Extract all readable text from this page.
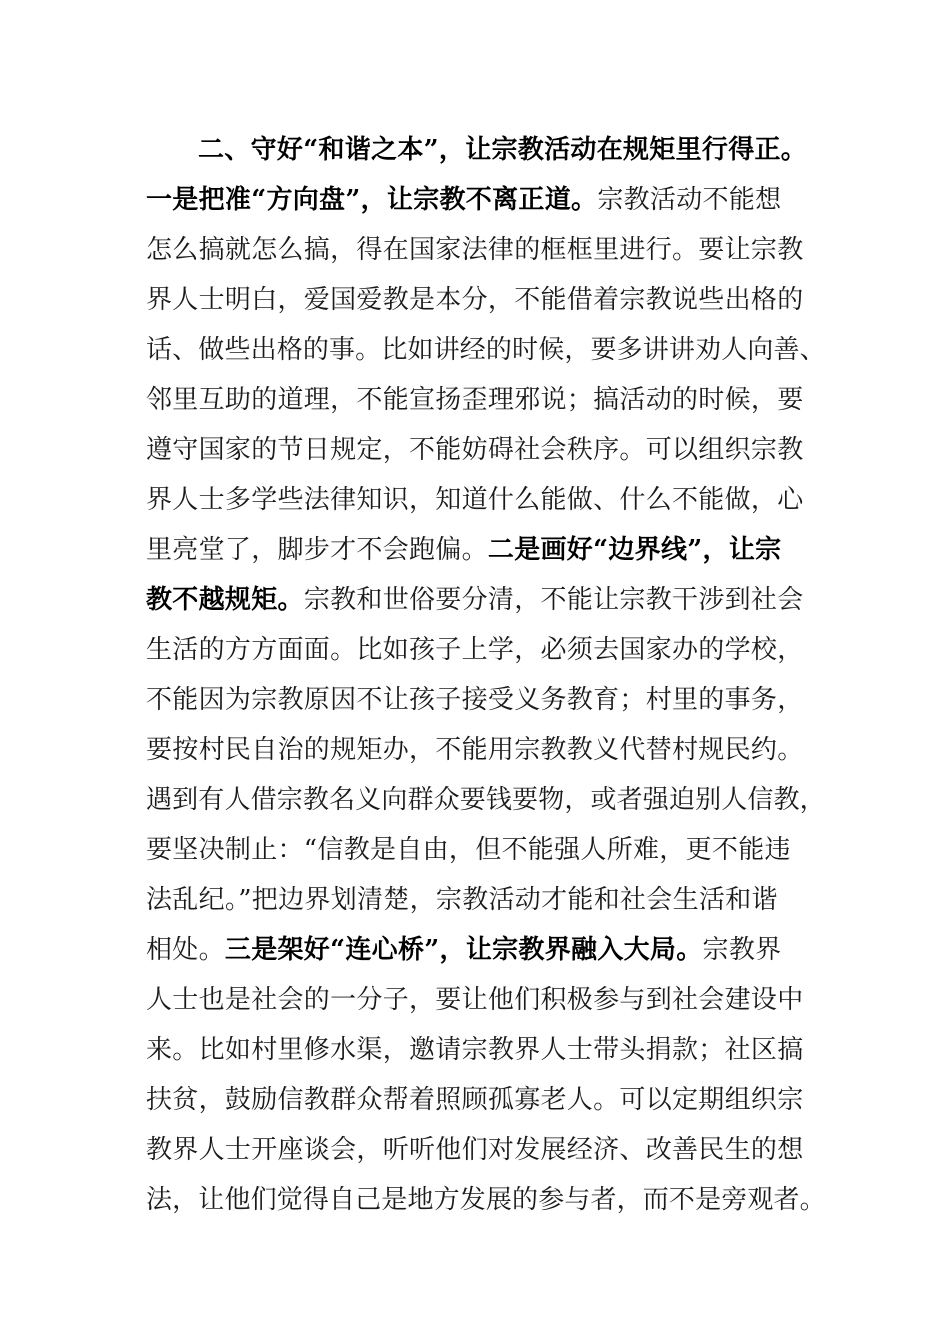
二、守好“和谐之本”，让宗教活动在规矩里行得正。
一是把准“方向盘”，让宗教不离正道。宗教活动不能想
怎么搞就怎么搞，得在国家法律的框框里进行。要让宗教
界人士明白，爱国爱教是本分，不能借着宗教说些出格的
话、做些出格的事。比如讲经的时候，要多讲讲劝人向善、
邻里互助的道理，不能宣扬歪理邪说；搞活动的时候，要
遵守国家的节日规定，不能妨碍社会秩序。可以组织宗教
界人士多学些法律知识，知道什么能做、什么不能做，心
里亮堂了，脚步才不会跑偏。二是画好“边界线”，让宗
教不越规矩。宗教和世俗要分清，不能让宗教干涉到社会
生活的方方面面。比如孩子上学，必须去国家办的学校，
不能因为宗教原因不让孩子接受义务教育；村里的事务，
要按村民自治的规矩办，不能用宗教教义代替村规民约。
遇到有人借宗教名义向群众要钱要物，或者强迫别人信教，
要坚决制止：“信教是自由，但不能强人所难，更不能违
法乱纪。”把边界划清楚，宗教活动才能和社会生活和谐
相处。三是架好“连心桥”，让宗教界融入大局。宗教界
人士也是社会的一分子，要让他们积极参与到社会建设中
来。比如村里修水渠，邀请宗教界人士带头捐款；社区搞
扶贫，鼓励信教群众帮着照顾孤寡老人。可以定期组织宗
教界人士开座谈会，听听他们对发展经济、改善民生的想
法，让他们觉得自己是地方发展的参与者，而不是旁观者。
